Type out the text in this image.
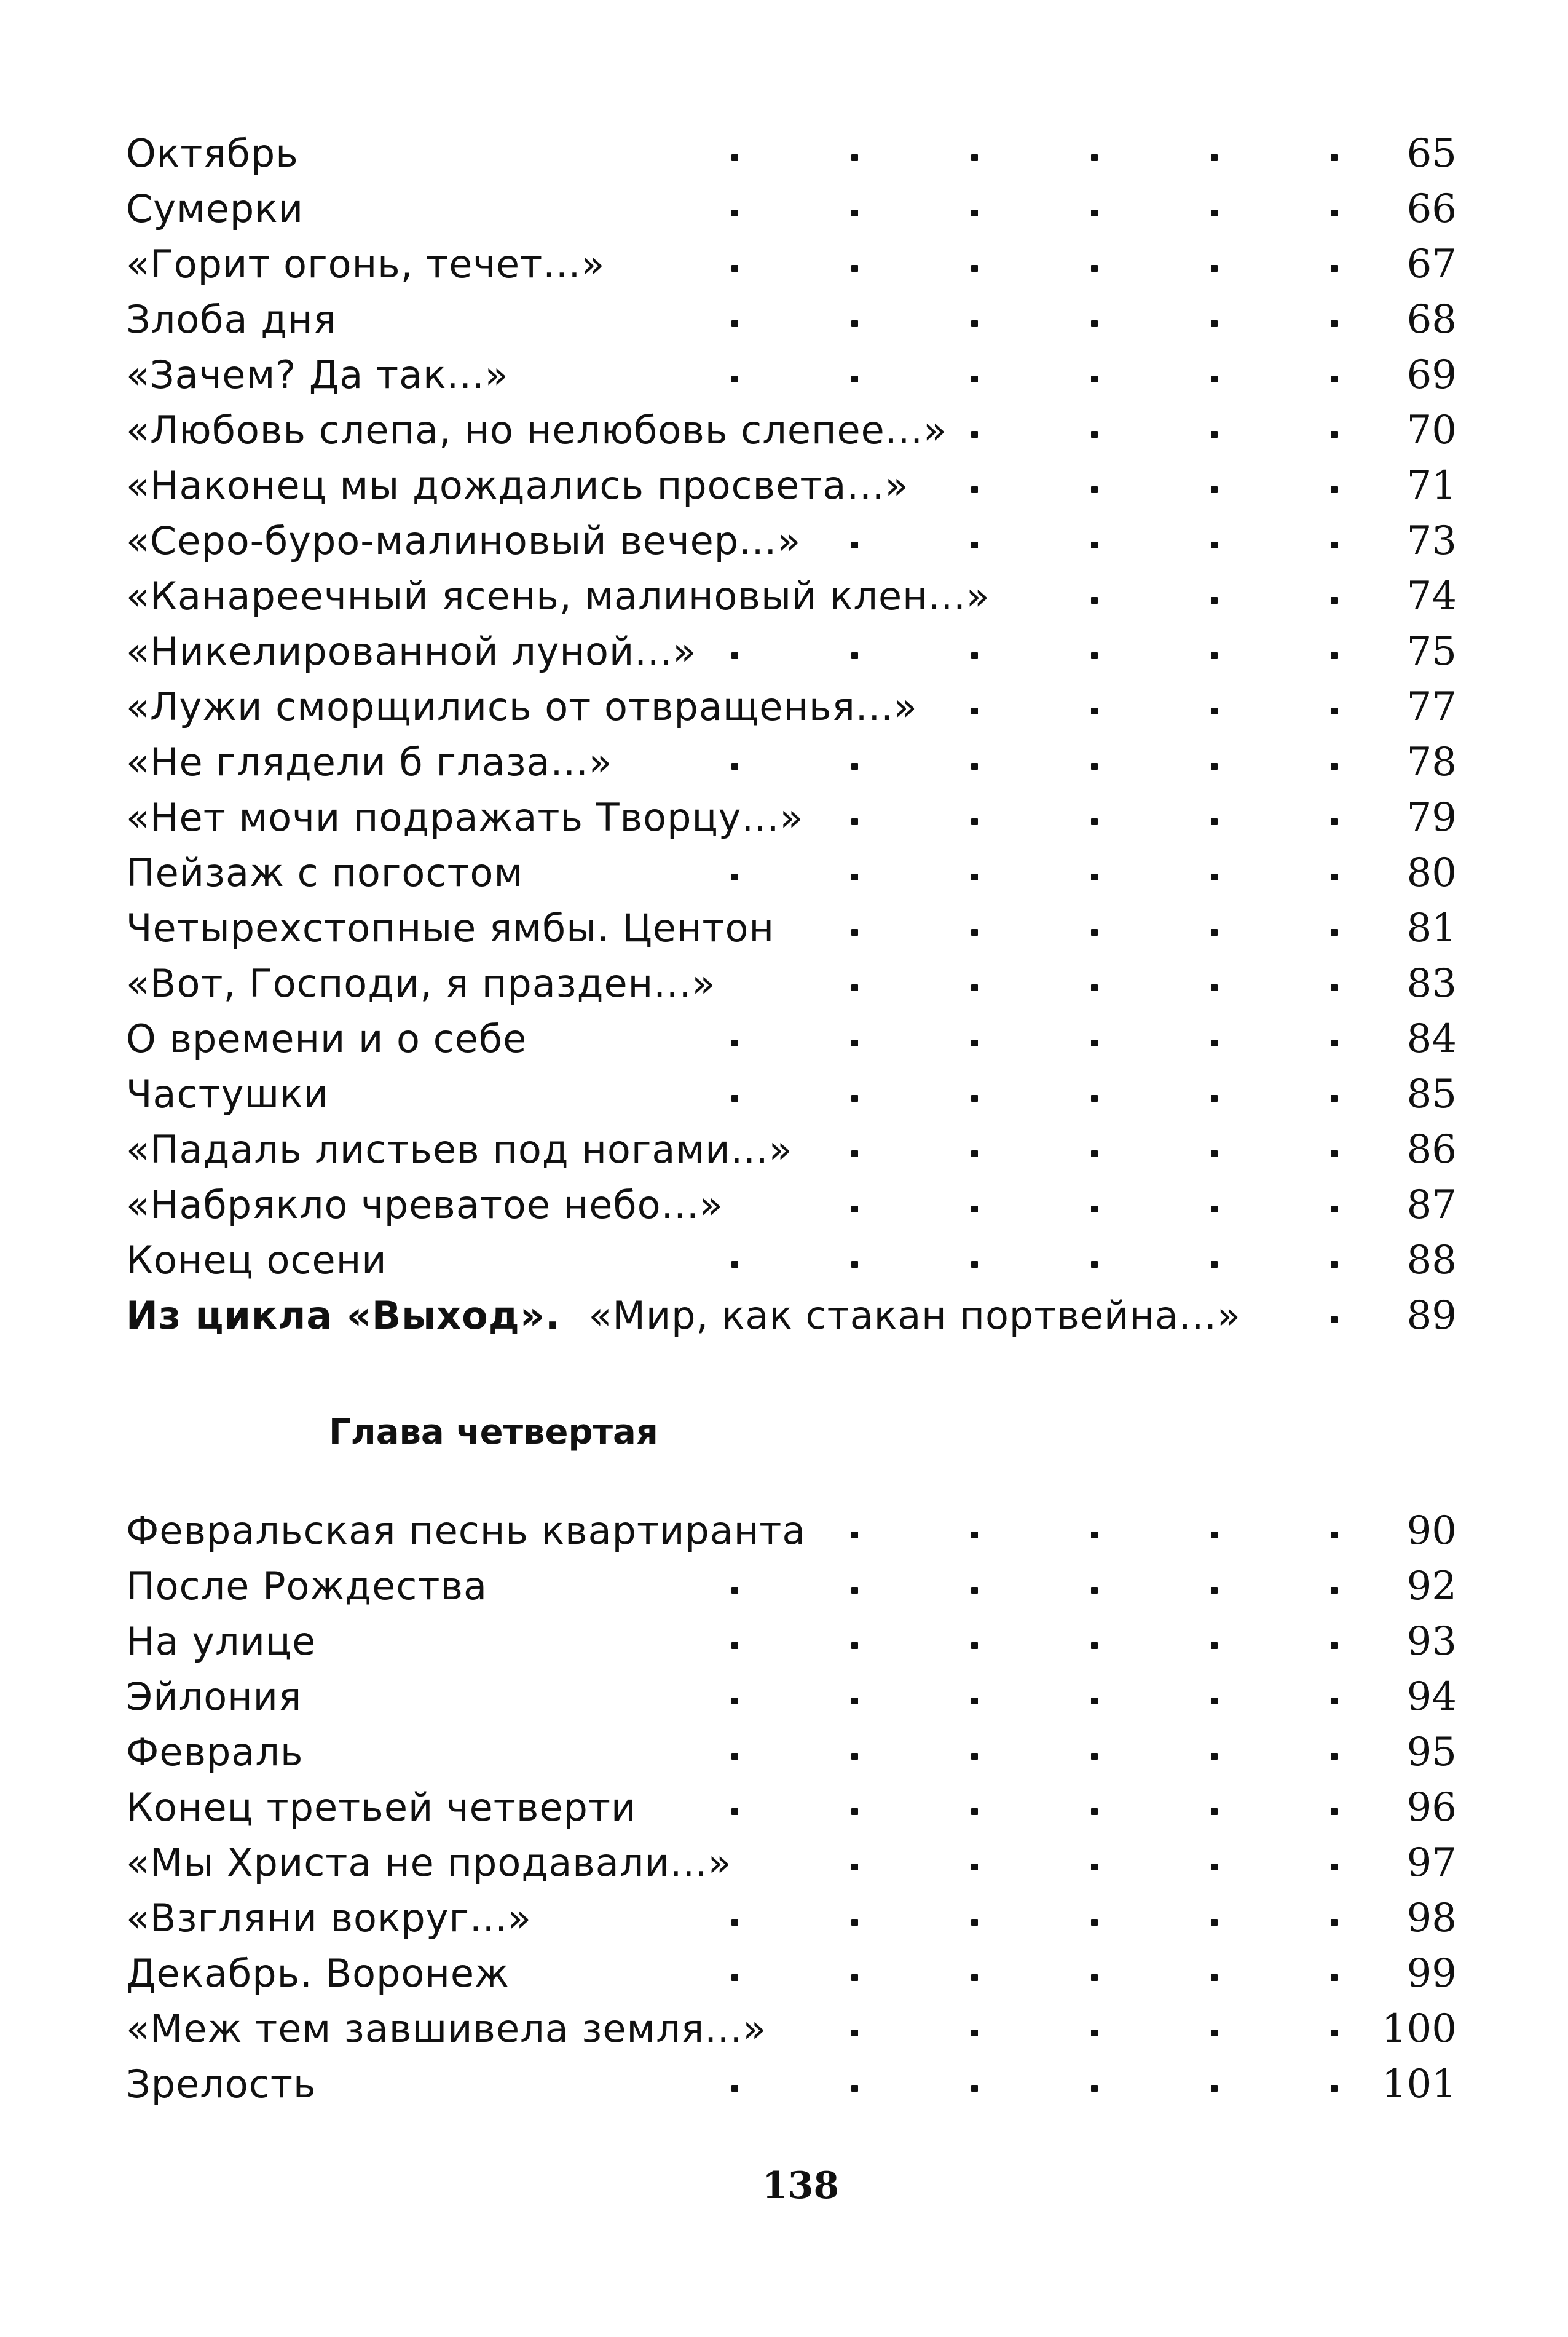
Октябрь	65
Сумерки	66
«Горит огонь, течет...»	67
Злоба дня	68
«Зачем? Да так...»	69
«Любовь слепа, но нелюбовь слепее...»	70
«Наконец мы дождались просвета...»	71
«Серо-буро-малиновый вечер...»	73
«Канареечный ясень, малиновый клен...»	74
«Никелированной луной...»	75
«Лужи сморщились от отвращенья...»	77
«Не глядели б глаза...»	78
«Нет мочи подражать Творцу...»	79
Пейзаж с погостом	80
Четырехстопные ямбы. Центон	81
«Вот, Господи, я празден...»	83
О времени и о себе	84
Частушки	85
«Падаль листьев под ногами...»	86
«Набрякло чреватое небо...»	87
Конец осени	88
Из цикла «Выход». «Мир, как стакан портвейна...»	89
Глава четвертая
Февральская песнь квартиранта	90
После Рождества	92
На улице	93
Эйлония	94
Февраль	95
Конец третьей четверти	96
«Мы Христа не продавали...»	97
«Взгляни вокруг...»	98
Декабрь. Воронеж	99
«Меж тем завшивела земля...»	100
Зрелость	101
138
